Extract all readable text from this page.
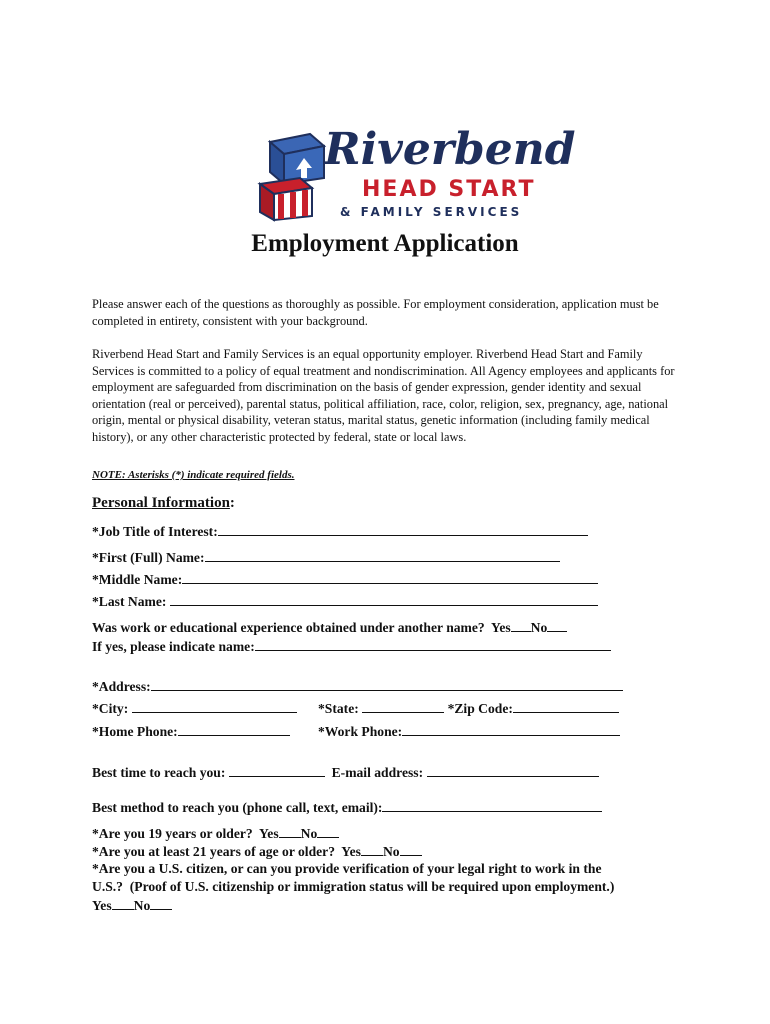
Riverbend
HEAD START
& FAMILY SERVICES
Employment Application
Please answer each of the questions as thoroughly as possible. For employment consideration, application must be completed in entirety, consistent with your background.
Riverbend Head Start and Family Services is an equal opportunity employer. Riverbend Head Start and Family Services is committed to a policy of equal treatment and nondiscrimination. All Agency employees and applicants for employment are safeguarded from discrimination on the basis of gender expression, gender identity and sexual orientation (real or perceived), parental status, political affiliation, race, color, religion, sex, pregnancy, age, national origin, mental or physical disability, veteran status, marital status, genetic information (including family medical history), or any other characteristic protected by federal, state or local laws.
NOTE: Asterisks (*) indicate required fields.
Personal Information:
*Job Title of Interest:
*First (Full) Name:
*Middle Name:
*Last Name:
Was work or educational experience obtained under another name?  Yes No
If yes, please indicate name:
*Address:
*City:	*State:	*Zip Code:
*Home Phone:	*Work Phone:
Best time to reach you:	E-mail address:
Best method to reach you (phone call, text, email):
*Are you 19 years or older?  Yes No
*Are you at least 21 years of age or older?  Yes No
*Are you a U.S. citizen, or can you provide verification of your legal right to work in the
U.S.?  (Proof of U.S. citizenship or immigration status will be required upon employment.)
Yes No
